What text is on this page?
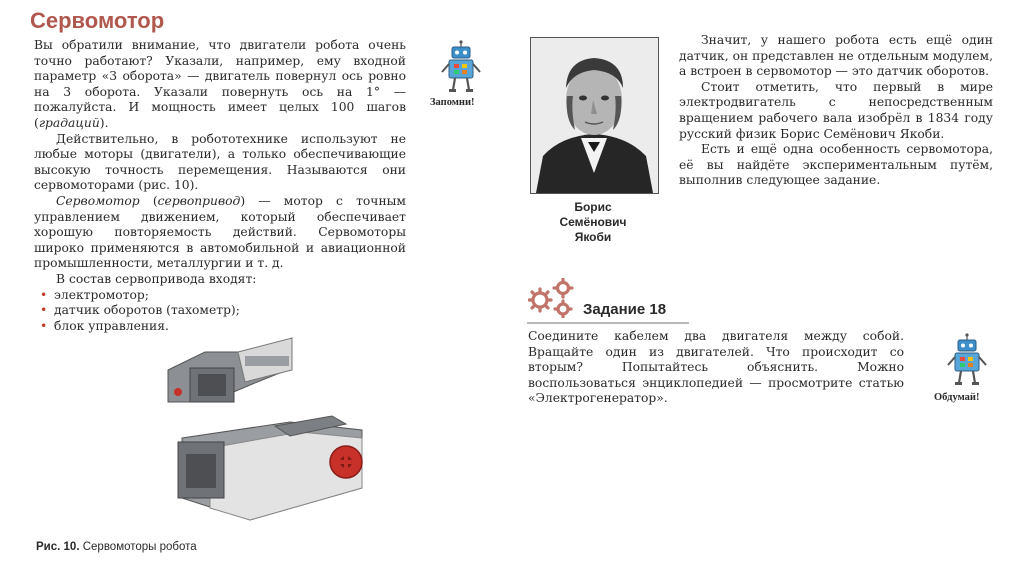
Сервомотор

Вы обратили внимание, что двигатели робота очень точно работают? Указали, например, ему входной параметр «3 оборота» — двигатель повернул ось ровно на 3 оборота. Указали повернуть ось на 1° — пожалуйста. И мощность имеет целых 100 шагов (градаций).

Действительно, в робототехнике используют не любые моторы (двигатели), а только обеспечивающие высокую точность перемещения. Называются они сервомоторами (рис. 10).

Сервомотор (сервопривод) — мотор с точным управлением движением, который обеспечивает хорошую повторяемость действий. Сервомоторы широко применяются в автомобильной и авиационной промышленности, металлургии и т. д.

В состав сервопривода входят:

• электромотор;
• датчик оборотов (тахометр);
• блок управления.
Запомни!
Рис. 10. Сервомоторы робота
Борис
Семёнович
Якоби

Значит, у нашего робота есть ещё один датчик, он представлен не отдельным модулем, а встроен в сервомотор — это датчик оборотов.

Стоит отметить, что первый в мире электродвигатель с непосредственным вращением рабочего вала изобрёл в 1834 году русский физик Борис Семёнович Якоби.

Есть и ещё одна особенность сервомотора, её вы найдёте экспериментальным путём, выполнив следующее задание.

Задание 18

Соедините кабелем два двигателя между собой. Вращайте один из двигателей. Что происходит со вторым? Попытайтесь объяснить. Можно воспользоваться энциклопедией — просмотрите статью «Электрогенератор».	Обдумай!
